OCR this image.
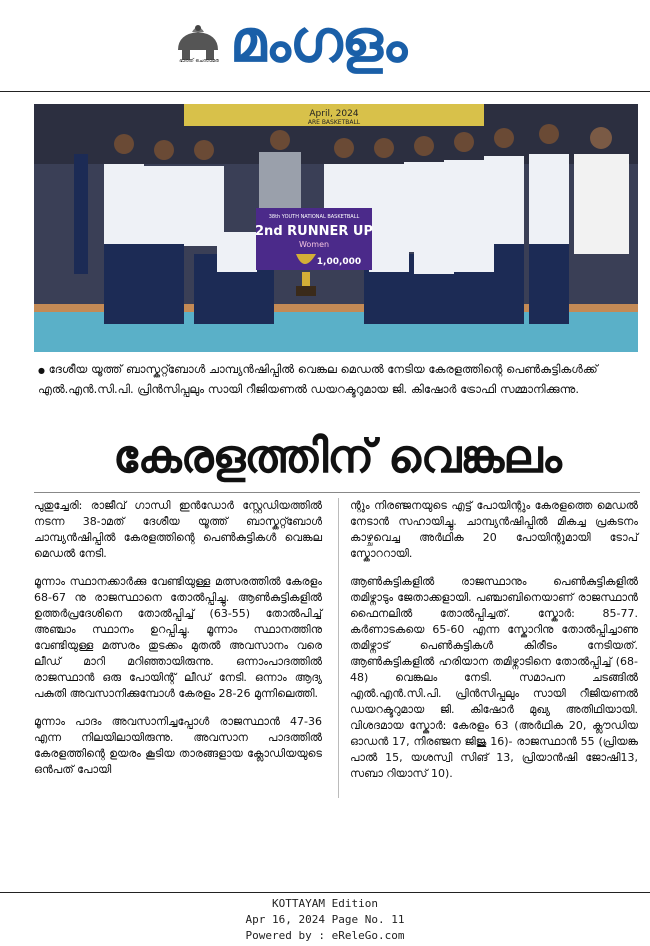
ഭാരത് ചെന്താമര മംഗളം
38th YOUTH NATIONAL BASKETBALL
2nd RUNNER UP
Women
1,00,000
April, 2024
ARE BASKETBALL
● ദേശീയ യൂത്ത് ബാസ്കറ്റ്ബോൾ ചാമ്പ്യൻഷിപ്പിൽ വെങ്കല മെഡൽ നേടിയ കേരളത്തിന്റെ പെൺകുട്ടികൾക്ക് എൽ.എൻ.സി.പി. പ്രിൻസിപ്പലും സായി റീജിയണൽ ഡയറക്ടറുമായ ജി. കിഷോർ ട്രോഫി സമ്മാനിക്കുന്നു.
കേരളത്തിന് വെങ്കലം

പുതുച്ചേരി: രാജീവ് ഗാന്ധി ഇൻഡോർ സ്റ്റേഡിയത്തിൽ നടന്ന 38-ാമത് ദേശീയ യൂത്ത് ബാസ്കറ്റ്ബോൾ ചാമ്പ്യൻഷിപ്പിൽ കേരളത്തിന്റെ പെൺകുട്ടികൾ വെങ്കല മെഡൽ നേടി.

മൂന്നാം സ്ഥാനക്കാർക്കു വേണ്ടിയുള്ള മത്സരത്തിൽ കേരളം 68-67 നു രാജസ്ഥാനെ തോൽപ്പിച്ചു. ആൺകുട്ടികളിൽ ഉത്തർപ്രദേശിനെ തോൽപ്പിച്ച് (63-55) തോൽപിച്ച് അഞ്ചാം സ്ഥാനം ഉറപ്പിച്ചു. മൂന്നാം സ്ഥാനത്തിനു വേണ്ടിയുള്ള മത്സരം തുടക്കം മുതൽ അവസാനം വരെ ലീഡ് മാറി മറിഞ്ഞായിരുന്നു. ഒന്നാംപാദത്തിൽ രാജസ്ഥാൻ ഒരു പോയിന്റ് ലീഡ് നേടി. ഒന്നാം ആദ്യ പകുതി അവസാനിക്കുമ്പോൾ കേരളം 28-26 മുന്നിലെത്തി.

മൂന്നാം പാദം അവസാനിച്ചപ്പോൾ രാജസ്ഥാൻ 47-36 എന്ന നിലയിലായിരുന്നു. അവസാന പാദത്തിൽ കേരളത്തിന്റെ ഉയരം കൂടിയ താരങ്ങളായ ക്ലോഡിയയുടെ ഒൻപത് പോയി

ന്റും നിരഞ്ജനയുടെ എട്ട് പോയിന്റും കേരളത്തെ മെഡൽ നേടാൻ സഹായിച്ചു. ചാമ്പ്യൻഷിപ്പിൽ മികച്ച പ്രകടനം കാഴ്ചവെച്ച അർഥിക 20 പോയിന്റുമായി ടോപ് സ്കോററായി.

ആൺകുട്ടികളിൽ രാജസ്ഥാനും പെൺകുട്ടികളിൽ തമിഴ്നാടും ജേതാക്കളായി. പഞ്ചാബിനെയാണ് രാജസ്ഥാൻ ഫൈനലിൽ തോൽപ്പിച്ചത്. സ്കോർ: 85-77. കർണാടകയെ 65-60 എന്ന സ്കോറിനു തോൽപ്പിച്ചാണു തമിഴ്നാട് പെൺകുട്ടികൾ കിരീടം നേടിയത്. ആൺകുട്ടികളിൽ ഹരിയാന തമിഴ്നാടിനെ തോൽപ്പിച്ച് (68-48) വെങ്കലം നേടി. സമാപന ചടങ്ങിൽ എൽ.എൻ.സി.പി. പ്രിൻസിപ്പലും സായി റീജിയണൽ ഡയറക്ടറുമായ ജി. കിഷോർ മുഖ്യ അതിഥിയായി. വിശദമായ സ്കോർ: കേരളം 63 (അർഥിക 20, ക്ലൗഡിയ ഓഡൻ 17, നിരഞ്ജന ജിജു 16)- രാജസ്ഥാൻ 55 (പ്രിയങ്ക പാൽ 15, യശസ്വി സിങ് 13, പ്രിയാൻഷി ജോഷി13, സബാ റിയാസ് 10).

KOTTAYAM Edition
Apr 16, 2024 Page No. 11
Powered by : eReleGo.com
